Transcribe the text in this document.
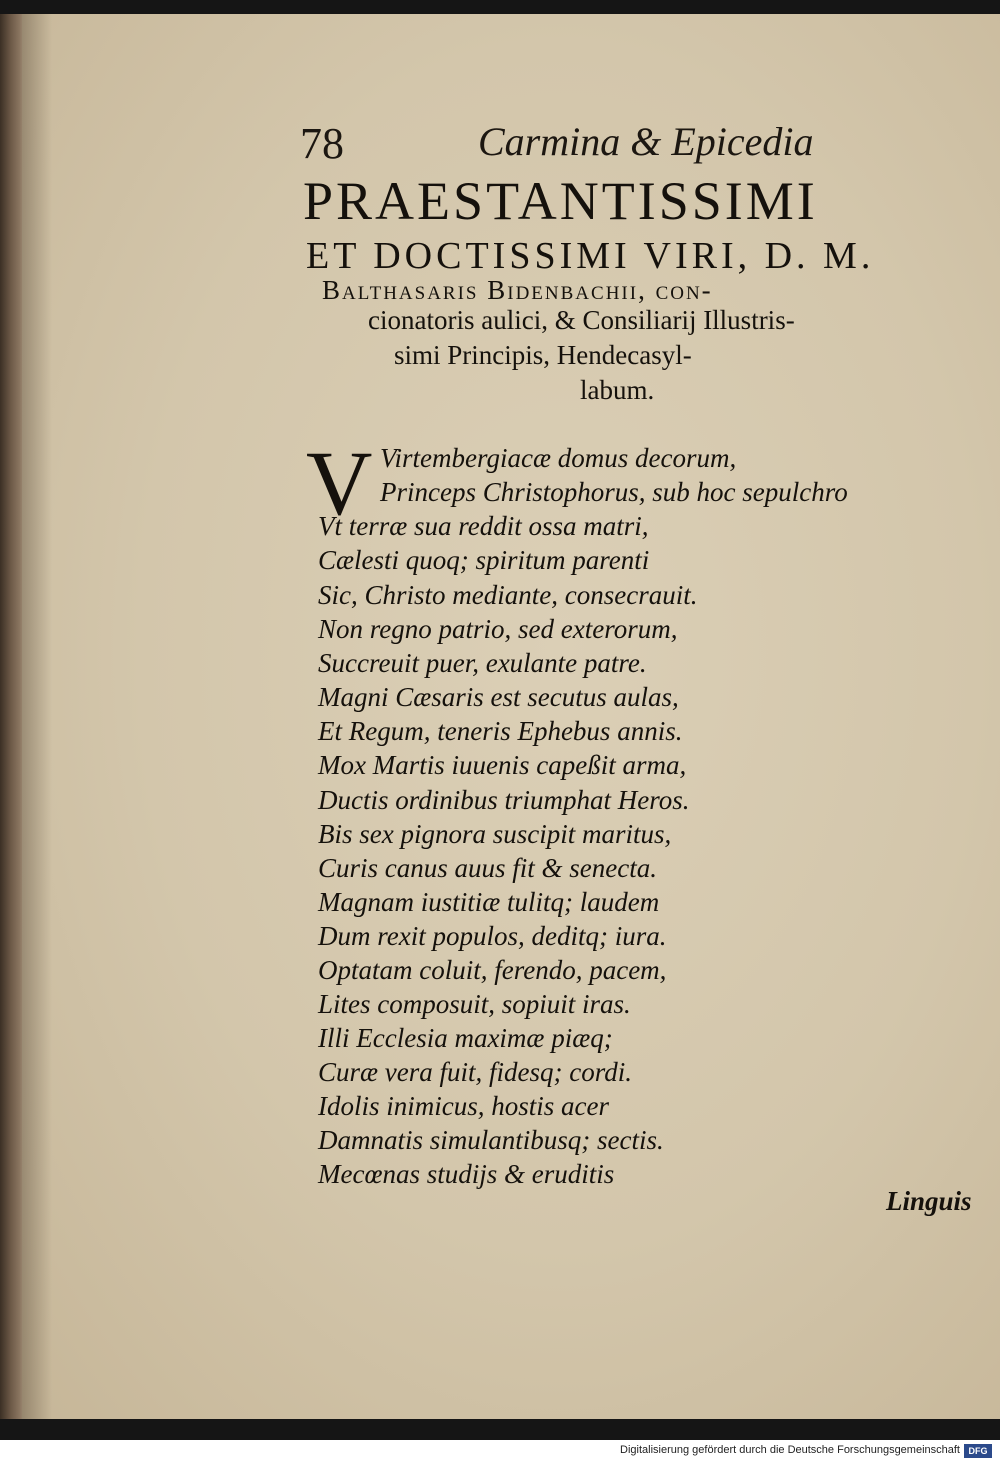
78	Carmina & Epicedia
PRAESTANTISSIMI
ET DOCTISSIMI VIRI, D. M.
Balthasaris Bidenbachii, con-
cionatoris aulici, & Consiliarij Illustris-
simi Principis, Hendecasyl-
labum.
V Virtembergiacæ domus decorum,
Princeps Christophorus, sub hoc sepulchro
Vt terræ sua reddit ossa matri,
Cælesti quoq; spiritum parenti
Sic, Christo mediante, consecrauit.
Non regno patrio, sed exterorum,
Succreuit puer, exulante patre.
Magni Cæsaris est secutus aulas,
Et Regum, teneris Ephebus annis.
Mox Martis iuuenis capeßit arma,
Ductis ordinibus triumphat Heros.
Bis sex pignora suscipit maritus,
Curis canus auus fit & senecta.
Magnam iustitiæ tulitq; laudem
Dum rexit populos, deditq; iura.
Optatam coluit, ferendo, pacem,
Lites composuit, sopiuit iras.
Illi Ecclesia maximæ piæq;
Curæ vera fuit, fidesq; cordi.
Idolis inimicus, hostis acer
Damnatis simulantibusq; sectis.
Mecœnas studijs & eruditis
Linguis
Digitalisierung gefördert durch die Deutsche Forschungsgemeinschaft DFG
